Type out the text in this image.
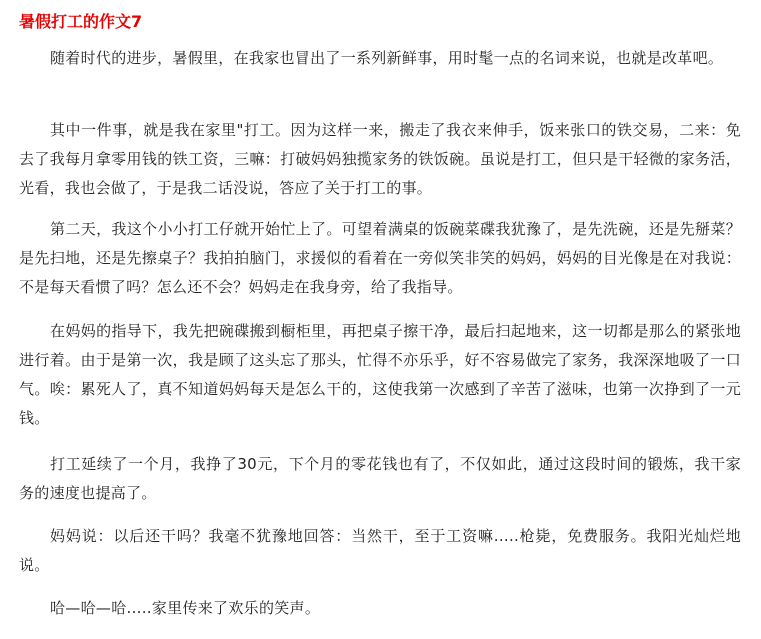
暑假打工的作文7

随着时代的进步，暑假里，在我家也冒出了一系列新鲜事，用时髦一点的名词来说，也就是改革吧。

其中一件事，就是我在家里"打工。因为这样一来，搬走了我衣来伸手，饭来张口的铁交易，二来：免去了我每月拿零用钱的铁工资，三嘛：打破妈妈独揽家务的铁饭碗。虽说是打工，但只是干轻微的家务活，光看，我也会做了，于是我二话没说，答应了关于打工的事。

第二天，我这个小小打工仔就开始忙上了。可望着满桌的饭碗菜碟我犹豫了，是先洗碗，还是先掰菜？是先扫地，还是先擦桌子？我拍拍脑门，求援似的看着在一旁似笑非笑的妈妈，妈妈的目光像是在对我说：不是每天看惯了吗？怎么还不会？妈妈走在我身旁，给了我指导。

在妈妈的指导下，我先把碗碟搬到橱柜里，再把桌子擦干净，最后扫起地来，这一切都是那么的紧张地进行着。由于是第一次，我是顾了这头忘了那头，忙得不亦乐乎，好不容易做完了家务，我深深地吸了一口气。唉：累死人了，真不知道妈妈每天是怎么干的，这使我第一次感到了辛苦了滋味，也第一次挣到了一元钱。

打工延续了一个月，我挣了30元，下个月的零花钱也有了，不仅如此，通过这段时间的锻炼，我干家务的速度也提高了。

妈妈说：以后还干吗？我毫不犹豫地回答：当然干，至于工资嘛.....枪毙，免费服务。我阳光灿烂地说。

哈—哈—哈.....家里传来了欢乐的笑声。
